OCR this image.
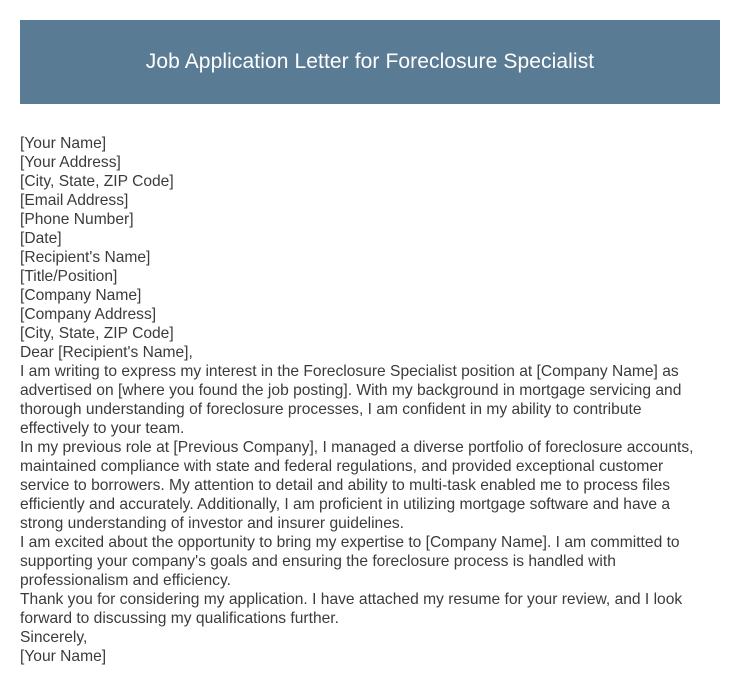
Job Application Letter for Foreclosure Specialist
[Your Name]
[Your Address]
[City, State, ZIP Code]
[Email Address]
[Phone Number]
[Date]
[Recipient's Name]
[Title/Position]
[Company Name]
[Company Address]
[City, State, ZIP Code]
Dear [Recipient's Name],
I am writing to express my interest in the Foreclosure Specialist position at [Company Name] as
advertised on [where you found the job posting]. With my background in mortgage servicing and
thorough understanding of foreclosure processes, I am confident in my ability to contribute
effectively to your team.
In my previous role at [Previous Company], I managed a diverse portfolio of foreclosure accounts,
maintained compliance with state and federal regulations, and provided exceptional customer
service to borrowers. My attention to detail and ability to multi-task enabled me to process files
efficiently and accurately. Additionally, I am proficient in utilizing mortgage software and have a
strong understanding of investor and insurer guidelines.
I am excited about the opportunity to bring my expertise to [Company Name]. I am committed to
supporting your company's goals and ensuring the foreclosure process is handled with
professionalism and efficiency.
Thank you for considering my application. I have attached my resume for your review, and I look
forward to discussing my qualifications further.
Sincerely,
[Your Name]
